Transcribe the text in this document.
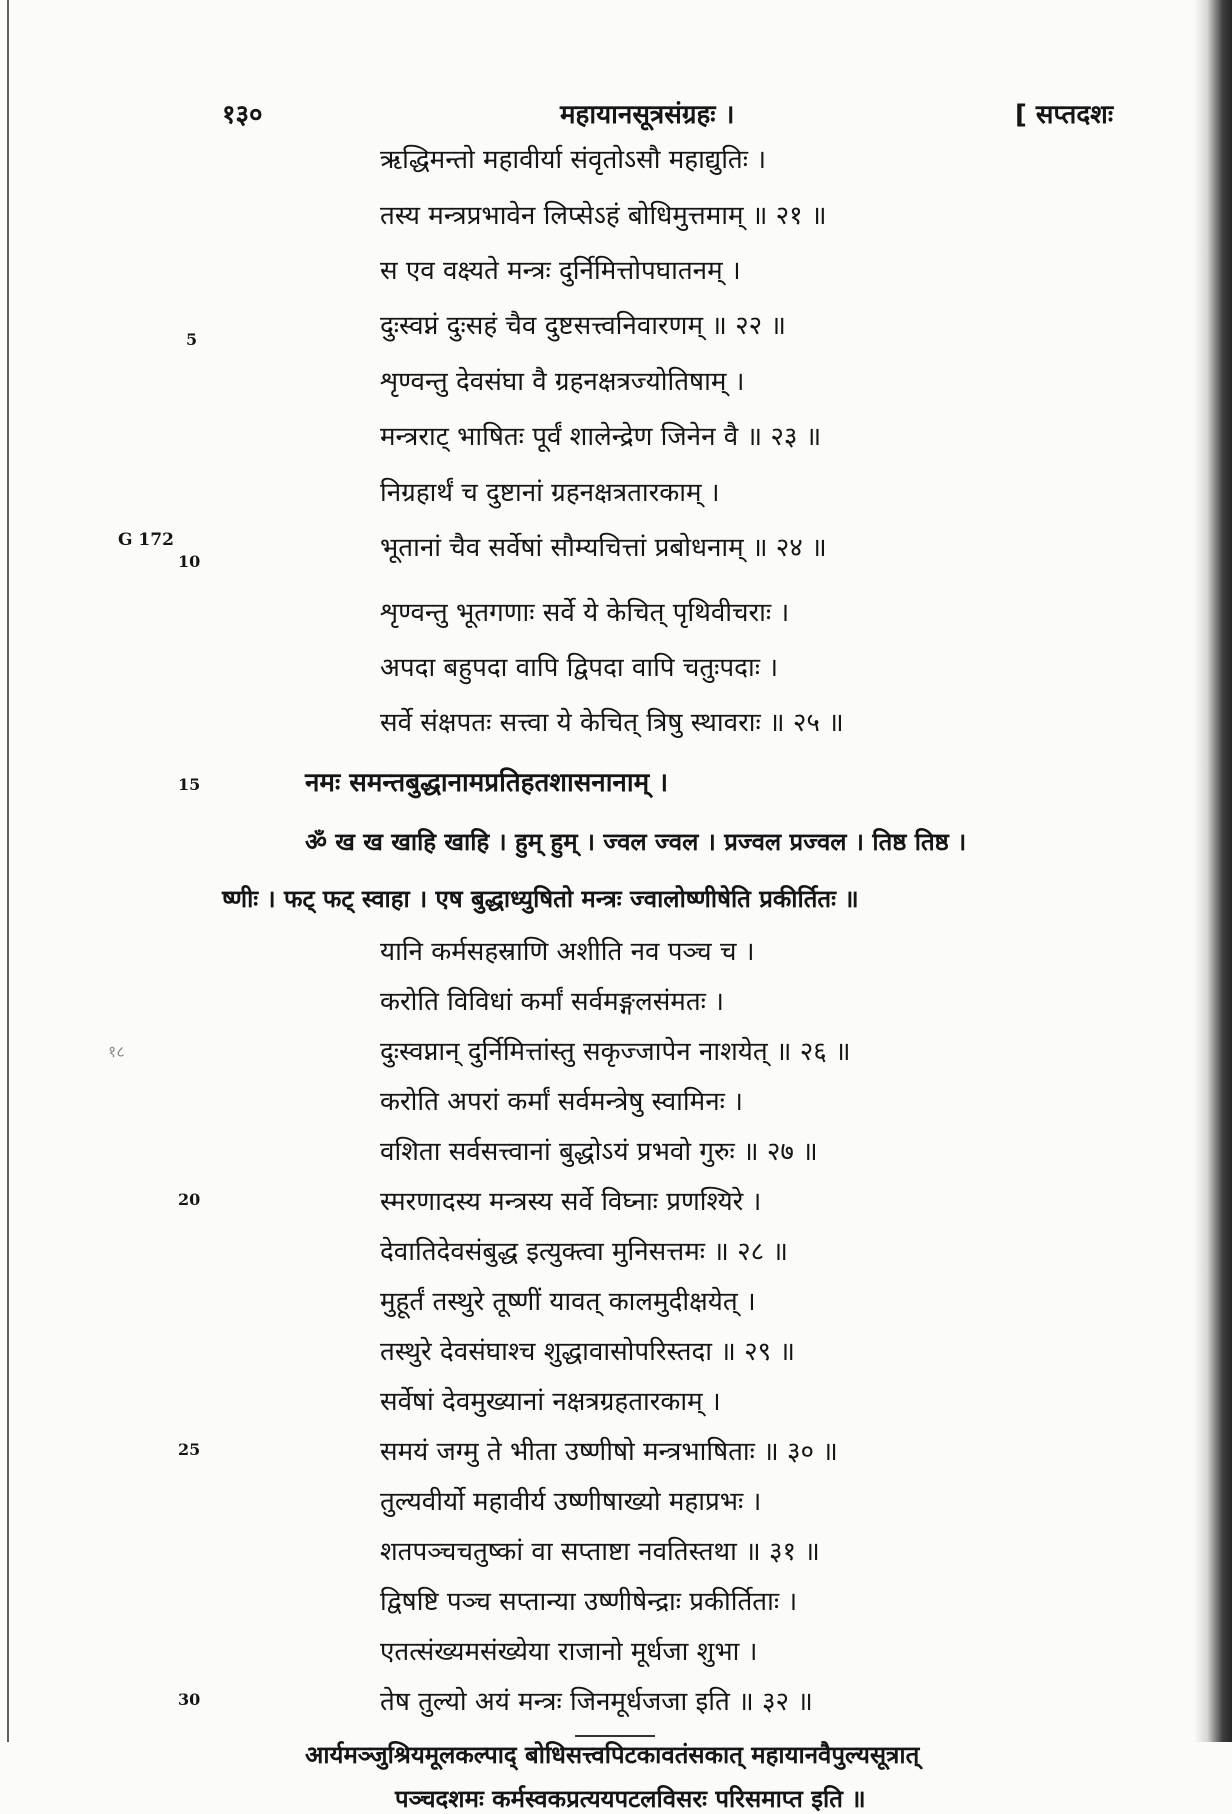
१३०	महायानसूत्रसंग्रहः ।	[ सप्तदशः
5
10
15
20
25
30
G 172
१८
ऋद्धिमन्तो महावीर्या संवृतोऽसौ महाद्युतिः ।
तस्य मन्त्रप्रभावेन लिप्सेऽहं बोधिमुत्तमाम् ॥ २१ ॥
स एव वक्ष्यते मन्त्रः दुर्निमित्तोपघातनम् ।
दुःस्वप्नं दुःसहं चैव दुष्टसत्त्वनिवारणम् ॥ २२ ॥
शृण्वन्तु देवसंघा वै ग्रहनक्षत्रज्योतिषाम् ।
मन्त्रराट् भाषितः पूर्वं शालेन्द्रेण जिनेन वै ॥ २३ ॥
निग्रहार्थं च दुष्टानां ग्रहनक्षत्रतारकाम् ।
भूतानां चैव सर्वेषां सौम्यचित्तां प्रबोधनाम् ॥ २४ ॥
शृण्वन्तु भूतगणाः सर्वे ये केचित् पृथिवीचराः ।
अपदा बहुपदा वापि द्विपदा वापि चतुःपदाः ।
सर्वे संक्षपतः सत्त्वा ये केचित् त्रिषु स्थावराः ॥ २५ ॥
नमः समन्तबुद्धानामप्रतिहतशासनानाम् ।
ॐ ख ख खाहि खाहि । हुम् हुम् । ज्वल ज्वल । प्रज्वल प्रज्वल । तिष्ठ तिष्ठ ।
ष्णीः । फट् फट् स्वाहा । एष बुद्धाध्युषितो मन्त्रः ज्वालोष्णीषेति प्रकीर्तितः ॥
यानि कर्मसहस्राणि अशीति नव पञ्च च ।
करोति विविधां कर्मां सर्वमङ्गलसंमतः ।
दुःस्वप्नान् दुर्निमित्तांस्तु सकृज्जापेन नाशयेत् ॥ २६ ॥
करोति अपरां कर्मां सर्वमन्त्रेषु स्वामिनः ।
वशिता सर्वसत्त्वानां बुद्धोऽयं प्रभवो गुरुः ॥ २७ ॥
स्मरणादस्य मन्त्रस्य सर्वे विघ्नाः प्रणश्यिरे ।
देवातिदेवसंबुद्ध इत्युक्त्वा मुनिसत्तमः ॥ २८ ॥
मुहूर्तं तस्थुरे तूष्णीं यावत् कालमुदीक्षयेत् ।
तस्थुरे देवसंघाश्च शुद्धावासोपरिस्तदा ॥ २९ ॥
सर्वेषां देवमुख्यानां नक्षत्रग्रहतारकाम् ।
समयं जग्मु ते भीता उष्णीषो मन्त्रभाषिताः ॥ ३० ॥
तुल्यवीर्यो महावीर्य उष्णीषाख्यो महाप्रभः ।
शतपञ्चचतुष्कां वा सप्ताष्टा नवतिस्तथा ॥ ३१ ॥
द्विषष्टि पञ्च सप्तान्या उष्णीषेन्द्राः प्रकीर्तिताः ।
एतत्संख्यमसंख्येया राजानो मूर्धजा शुभा ।
तेष तुल्यो अयं मन्त्रः जिनमूर्धजजा इति ॥ ३२ ॥
आर्यमञ्जुश्रियमूलकल्पाद् बोधिसत्त्वपिटकावतंसकात् महायानवैपुल्यसूत्रात्
पञ्चदशमः कर्मस्वकप्रत्ययपटलविसरः परिसमाप्त इति ॥
